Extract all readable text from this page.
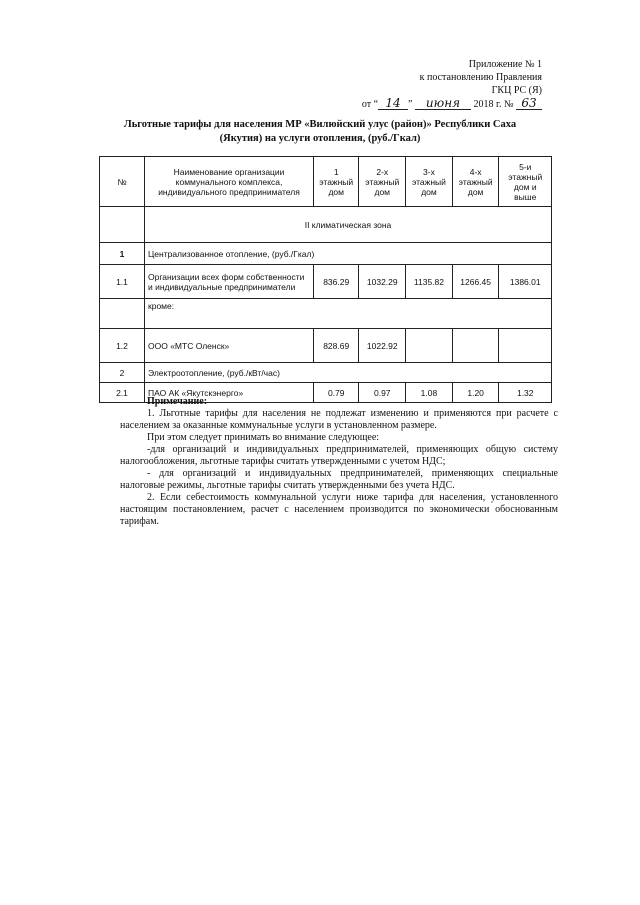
Приложение № 1
к постановлению Правления
ГКЦ РС (Я)
от “ 14 ” июня 2018 г. № 63
Льготные тарифы для населения МР «Вилюйский улус (район)» Республики Саха
(Якутия) на услуги отопления, (руб./Гкал)
№	Наименование организации коммунального комплекса, индивидуального предпринимателя	1 этажный дом	2-х этажный дом	3-х этажный дом	4-х этажный дом	5-и этажный дом и выше
	II климатическая зона					
1	Централизованное отопление, (руб./Гкал)					
1.1	Организации всех форм собственности и индивидуальные предприниматели	836.29	1032.29	1135.82	1266.45	1386.01
	кроме:					
1.2	ООО «МТС Оленск»	828.69	1022.92			
2	Электроотопление, (руб./кВт/час)					
2.1	ПАО АК «Якутскэнерго»	0.79	0.97	1.08	1.20	1.32
Примечание:

1. Льготные тарифы для населения не подлежат изменению и применяются при расчете с населением за оказанные коммунальные услуги в установленном размере.

При этом следует принимать во внимание следующее:

-для организаций и индивидуальных предпринимателей, применяющих общую систему налогообложения, льготные тарифы считать утвержденными с учетом НДС;

- для организаций и индивидуальных предпринимателей, применяющих специальные налоговые режимы, льготные тарифы считать утвержденными без учета НДС.

2. Если себестоимость коммунальной услуги ниже тарифа для населения, установленного настоящим постановлением, расчет с населением производится по экономически обоснованным тарифам.
